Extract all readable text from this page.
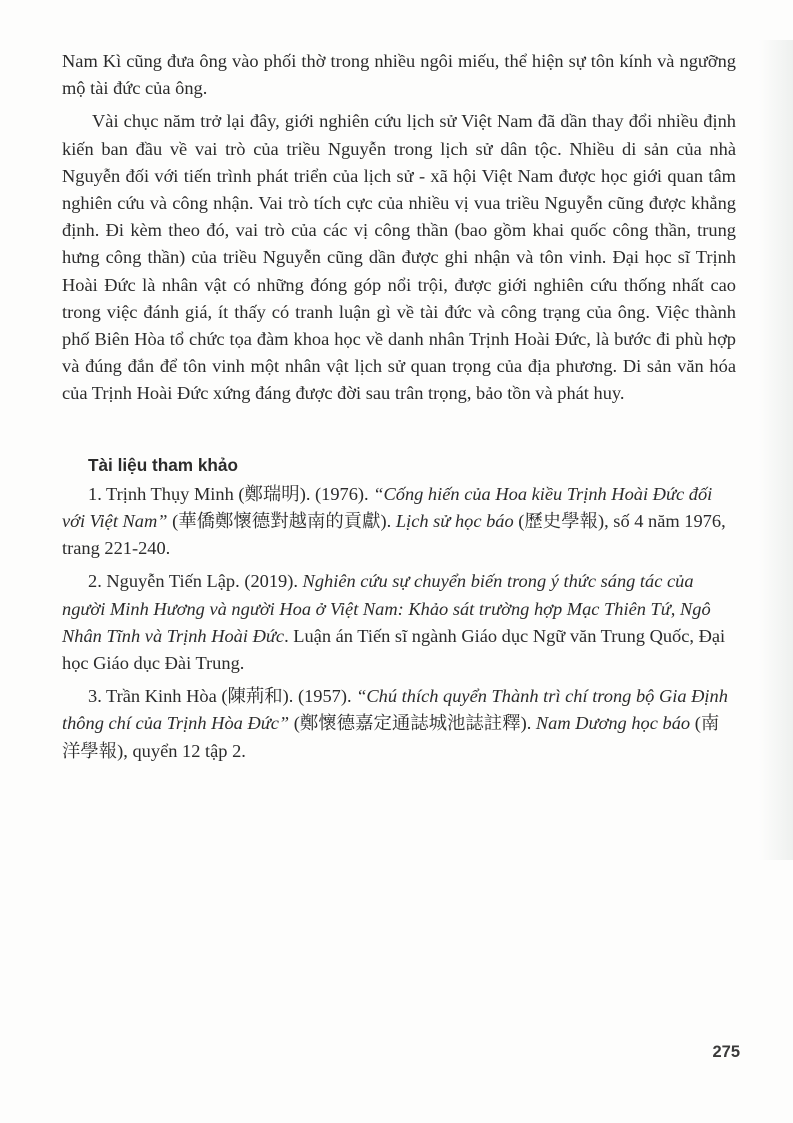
Nam Kì cũng đưa ông vào phối thờ trong nhiều ngôi miếu, thể hiện sự tôn kính và ngưỡng mộ tài đức của ông.

Vài chục năm trở lại đây, giới nghiên cứu lịch sử Việt Nam đã dần thay đổi nhiều định kiến ban đầu về vai trò của triều Nguyễn trong lịch sử dân tộc. Nhiều di sản của nhà Nguyễn đối với tiến trình phát triển của lịch sử - xã hội Việt Nam được học giới quan tâm nghiên cứu và công nhận. Vai trò tích cực của nhiều vị vua triều Nguyễn cũng được khẳng định. Đi kèm theo đó, vai trò của các vị công thần (bao gồm khai quốc công thần, trung hưng công thần) của triều Nguyễn cũng dần được ghi nhận và tôn vinh. Đại học sĩ Trịnh Hoài Đức là nhân vật có những đóng góp nổi trội, được giới nghiên cứu thống nhất cao trong việc đánh giá, ít thấy có tranh luận gì về tài đức và công trạng của ông. Việc thành phố Biên Hòa tổ chức tọa đàm khoa học về danh nhân Trịnh Hoài Đức, là bước đi phù hợp và đúng đắn để tôn vinh một nhân vật lịch sử quan trọng của địa phương. Di sản văn hóa của Trịnh Hoài Đức xứng đáng được đời sau trân trọng, bảo tồn và phát huy.

Tài liệu tham khảo

1. Trịnh Thụy Minh (鄭瑞明). (1976). “Cống hiến của Hoa kiều Trịnh Hoài Đức đối với Việt Nam” (華僑鄭懷德對越南的貢獻). Lịch sử học báo (歷史學報), số 4 năm 1976, trang 221-240.

2. Nguyễn Tiến Lập. (2019). Nghiên cứu sự chuyển biến trong ý thức sáng tác của người Minh Hương và người Hoa ở Việt Nam: Khảo sát trường hợp Mạc Thiên Tứ, Ngô Nhân Tĩnh và Trịnh Hoài Đức. Luận án Tiến sĩ ngành Giáo dục Ngữ văn Trung Quốc, Đại học Giáo dục Đài Trung.

3. Trần Kinh Hòa (陳荊和). (1957). “Chú thích quyển Thành trì chí trong bộ Gia Định thông chí của Trịnh Hòa Đức” (鄭懷德嘉定通誌城池誌註釋). Nam Dương học báo (南洋學報), quyển 12 tập 2.

275
